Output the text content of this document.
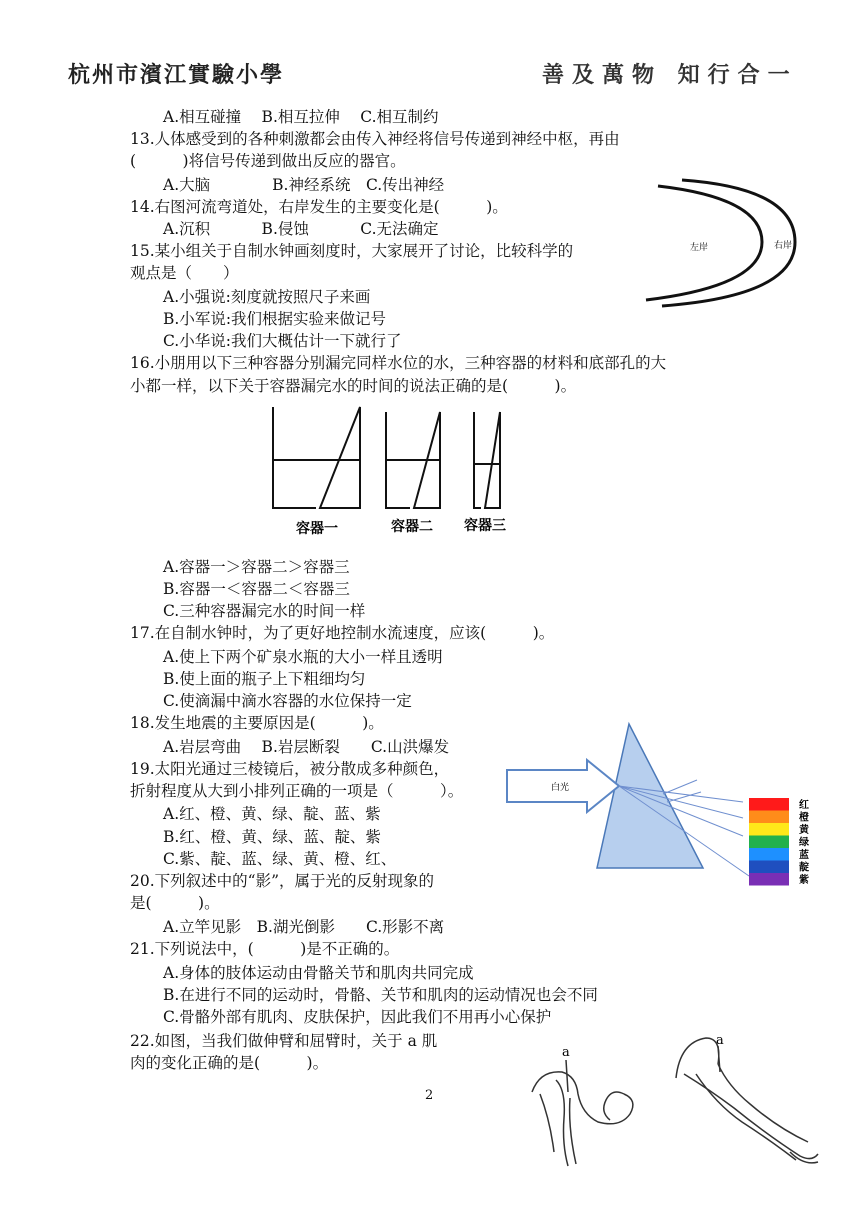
杭州市濱江實驗小學	善及萬物 知行合一
A.相互碰撞　 B.相互拉伸　 C.相互制约
13.人体感受到的各种刺激都会由传入神经将信号传递到神经中枢，再由
(　　　)将信号传递到做出反应的器官。
A.大脑　　　　B.神经系统　C.传出神经
14.右图河流弯道处，右岸发生的主要变化是(　　　)。
A.沉积　　　 B.侵蚀　　　 C.无法确定
15.某小组关于自制水钟画刻度时，大家展开了讨论，比较科学的
观点是（　　）
A.小强说:刻度就按照尺子来画
B.小军说:我们根据实验来做记号
C.小华说:我们大概估计一下就行了
16.小朋用以下三种容器分别漏完同样水位的水，三种容器的材料和底部孔的大
小都一样，以下关于容器漏完水的时间的说法正确的是(　　　)。
A.容器一＞容器二＞容器三
B.容器一＜容器二＜容器三
C.三种容器漏完水的时间一样
17.在自制水钟时，为了更好地控制水流速度，应该(　　　)。
A.使上下两个矿泉水瓶的大小一样且透明
B.使上面的瓶子上下粗细均匀
C.使滴漏中滴水容器的水位保持一定
18.发生地震的主要原因是(　　　)。
A.岩层弯曲　 B.岩层断裂　　C.山洪爆发
19.太阳光通过三棱镜后，被分散成多种颜色，
折射程度从大到小排列正确的一项是（　　　）。
A.红、橙、黄、绿、靛、蓝、紫
B.红、橙、黄、绿、蓝、靛、紫
C.紫、靛、蓝、绿、黄、橙、红、
20.下列叙述中的“影”，属于光的反射现象的
是(　　　)。
A.立竿见影　B.湖光倒影　　C.形影不离
21.下列说法中，(　　　)是不正确的。
A.身体的肢体运动由骨骼关节和肌肉共同完成
B.在进行不同的运动时，骨骼、关节和肌肉的运动情况也会不同
C.骨骼外部有肌肉、皮肤保护，因此我们不用再小心保护
22.如图，当我们做伸臂和屈臂时，关于 a 肌
肉的变化正确的是(　　　)。
左岸	右岸
容器一	容器二 容器三
白光
红
橙
黄
绿
蓝
靛
紫
a
a
2
